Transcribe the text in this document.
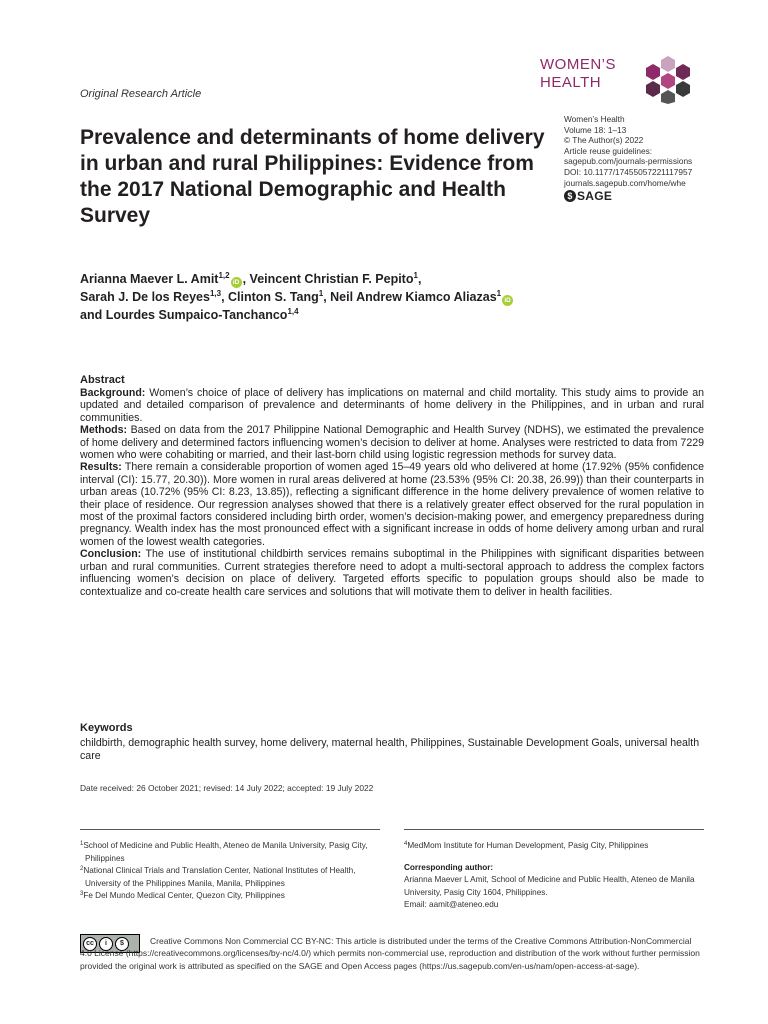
Original Research Article
WOMEN’S
HEALTH
Women’s Health
Volume 18: 1–13
© The Author(s) 2022
Article reuse guidelines:
sagepub.com/journals-permissions
DOI: 10.1177/17455057221117957
journals.sagepub.com/home/whe
$ SAGE
Prevalence and determinants of home delivery in urban and rural Philippines: Evidence from the 2017 National Demographic and Health Survey
Arianna Maever L. Amit$^{1,2}$iD , Veincent Christian F. Pepito$^1$,
Sarah J. De los Reyes$^{1,3}$, Clinton S. Tang$^1$, Neil Andrew Kiamco Aliazas$^1$iD
and Lourdes Sumpaico-Tanchanco$^{1,4}$
Abstract

Background: Women’s choice of place of delivery has implications on maternal and child mortality. This study aims to provide an updated and detailed comparison of prevalence and determinants of home delivery in the Philippines, and in urban and rural communities.

Methods: Based on data from the 2017 Philippine National Demographic and Health Survey (NDHS), we estimated the prevalence of home delivery and determined factors influencing women’s decision to deliver at home. Analyses were restricted to data from 7229 women who were cohabiting or married, and their last-born child using logistic regression methods for survey data.

Results: There remain a considerable proportion of women aged 15–49 years old who delivered at home (17.92% (95% confidence interval (CI): 15.77, 20.30)). More women in rural areas delivered at home (23.53% (95% CI: 20.38, 26.99)) than their counterparts in urban areas (10.72% (95% CI: 8.23, 13.85)), reflecting a significant difference in the home delivery prevalence of women relative to their place of residence. Our regression analyses showed that there is a relatively greater effect observed for the rural population in most of the proximal factors considered including birth order, women’s decision-making power, and emergency preparedness during pregnancy. Wealth index has the most pronounced effect with a significant increase in odds of home delivery among urban and rural women of the lowest wealth categories.

Conclusion: The use of institutional childbirth services remains suboptimal in the Philippines with significant disparities between urban and rural communities. Current strategies therefore need to adopt a multi-sectoral approach to address the complex factors influencing women’s decision on place of delivery. Targeted efforts specific to population groups should also be made to contextualize and co-create health care services and solutions that will motivate them to deliver in health facilities.

Keywords
childbirth, demographic health survey, home delivery, maternal health, Philippines, Sustainable Development Goals, universal health care
Date received: 26 October 2021; revised: 14 July 2022; accepted: 19 July 2022
$^1$School of Medicine and Public Health, Ateneo de Manila University, Pasig City, Philippines
$^2$National Clinical Trials and Translation Center, National Institutes of Health, University of the Philippines Manila, Manila, Philippines
$^3$Fe Del Mundo Medical Center, Quezon City, Philippines
$^4$MedMom Institute for Human Development, Pasig City, Philippines
Corresponding author:
Arianna Maever L Amit, School of Medicine and Public Health, Ateneo de Manila University, Pasig City 1604, Philippines.
Email: aamit@ateneo.edu
cc	i	$	Creative Commons Non Commercial CC BY-NC: This article is distributed under the terms of the Creative Commons Attribution-NonCommercial 4.0 License (https://creativecommons.org/licenses/by-nc/4.0/) which permits non-commercial use, reproduction and distribution of the work without further permission provided the original work is attributed as specified on the SAGE and Open Access pages (https://us.sagepub.com/en-us/nam/open-access-at-sage).
